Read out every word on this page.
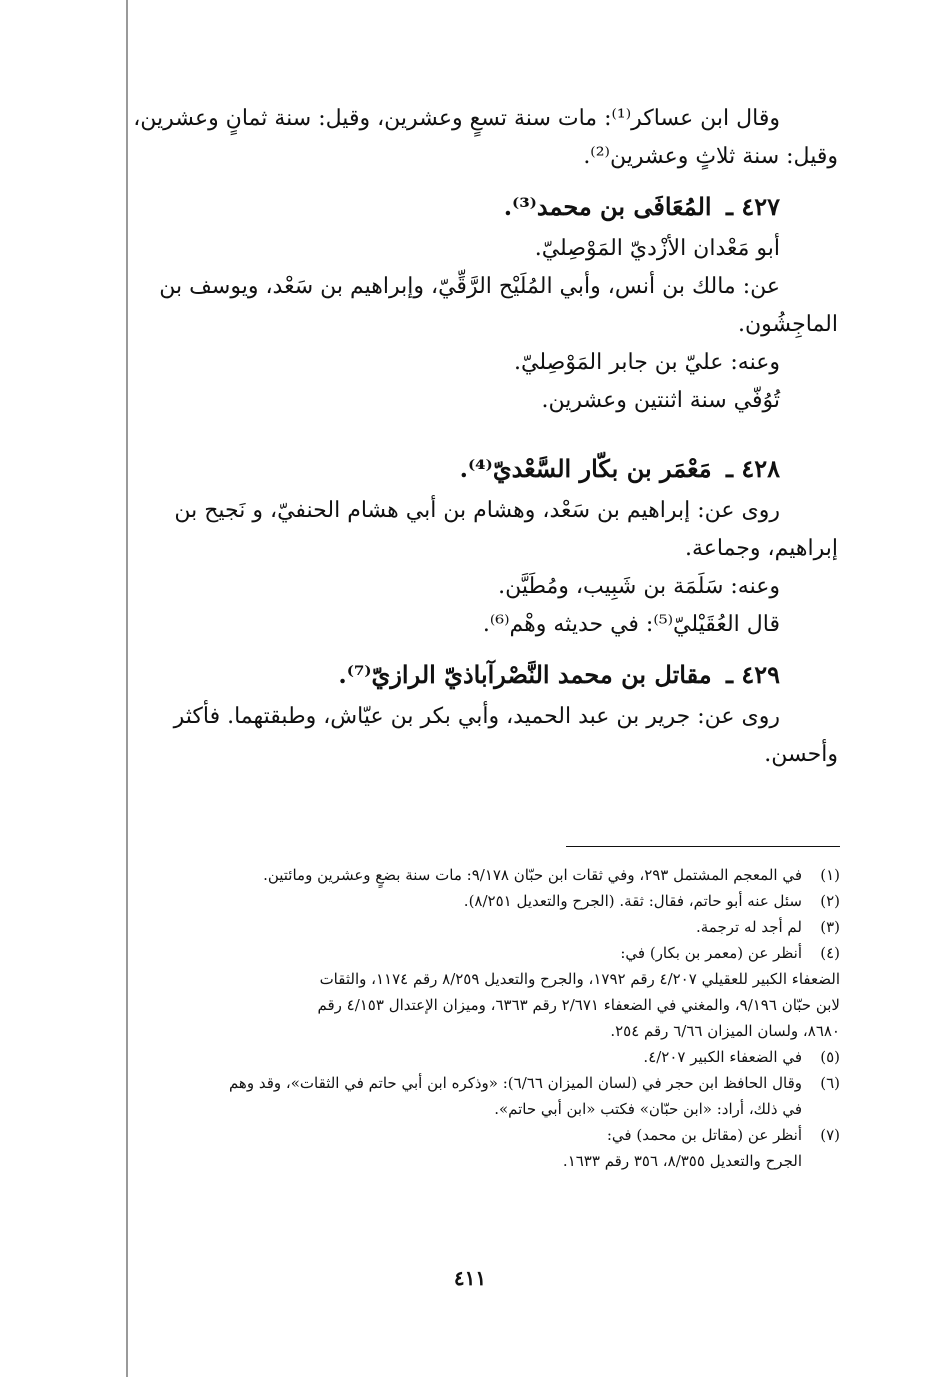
وقال ابن عساكر⁽¹⁾: مات سنة تسعٍ وعشرين، وقيل: سنة ثمانٍ وعشرين،
وقيل: سنة ثلاثٍ وعشرين⁽²⁾.
٤٢٧ ـ المُعَافَى بن محمد⁽³⁾.
أبو مَعْدان الأزْديّ المَوْصِليّ.
عن: مالك بن أنس، وأبي المُلَيْح الرَّقِّيّ، وإبراهيم بن سَعْد، ويوسف بن
الماجِشُون.
وعنه: عليّ بن جابر المَوْصِليّ.
تُوُفّي سنة اثنتين وعشرين.
٤٢٨ ـ مَعْمَر بن بكّار السَّعْديّ⁽⁴⁾.
روى عن: إبراهيم بن سَعْد، وهشام بن أبي هشام الحنفيّ، و نَجيح بن
إبراهيم، وجماعة.
وعنه: سَلَمَة بن شَبِيب، ومُطَيَّن.
قال العُقَيْليّ⁽⁵⁾: في حديثه وهْم⁽⁶⁾.
٤٢٩ ـ مقاتل بن محمد النَّصْرآباذيّ الرازيّ⁽⁷⁾.
روى عن: جرير بن عبد الحميد، وأبي بكر بن عيّاش، وطبقتهما. فأكثر
وأحسن.
(١)
في المعجم المشتمل ٢٩٣، وفي ثقات ابن حبّان ٩/١٧٨: مات سنة بضعٍ وعشرين ومائتين.
(٢)
سئل عنه أبو حاتم، فقال: ثقة. (الجرح والتعديل ٨/٢٥١).
(٣)
لم أجد له ترجمة.
(٤)
أنظر عن (معمر بن بكار) في:
الضعفاء الكبير للعقيلي ٤/٢٠٧ رقم ١٧٩٢، والجرح والتعديل ٨/٢٥٩ رقم ١١٧٤، والثقات
لابن حبّان ٩/١٩٦، والمغني في الضعفاء ٢/٦٧١ رقم ٦٣٦٣، وميزان الإعتدال ٤/١٥٣ رقم
٨٦٨٠، ولسان الميزان ٦/٦٦ رقم ٢٥٤.
(٥)
في الضعفاء الكبير ٤/٢٠٧.
(٦)
وقال الحافظ ابن حجر في (لسان الميزان ٦/٦٦): «وذكره ابن أبي حاتم في الثقات»، وقد وهم
في ذلك، أراد: «ابن حبّان» فكتب «ابن أبي حاتم».
(٧)
أنظر عن (مقاتل بن محمد) في:
الجرح والتعديل ٨/٣٥٥، ٣٥٦ رقم ١٦٣٣.
٤١١
